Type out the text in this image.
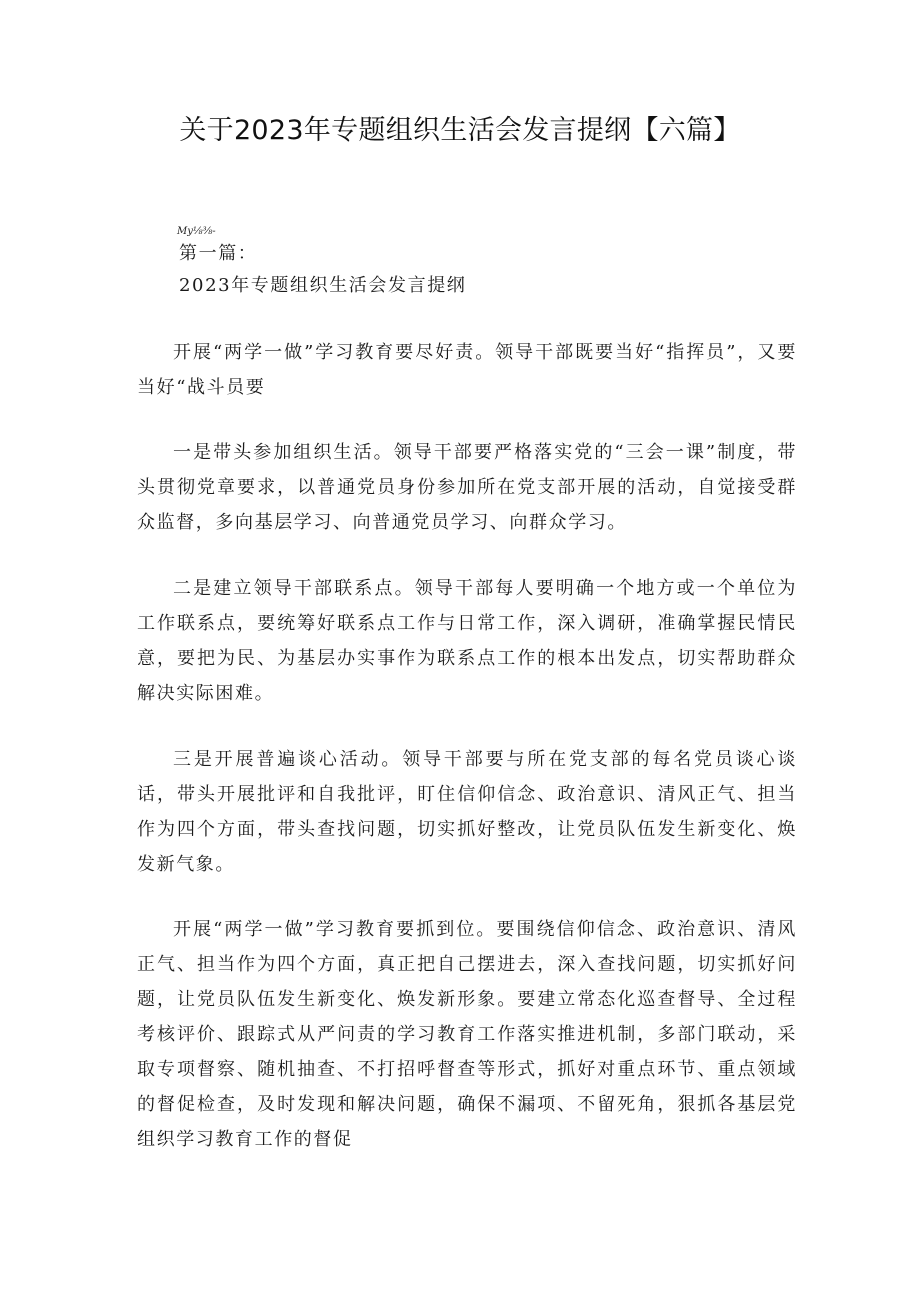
关于2023年专题组织生活会发言提纲【六篇】
My⅛⅜-
第一篇：
2023年专题组织生活会发言提纲

开展“两学一做”学习教育要尽好责。领导干部既要当好“指挥员”，又要当好“战斗员要

一是带头参加组织生活。领导干部要严格落实党的“三会一课”制度，带头贯彻党章要求，以普通党员身份参加所在党支部开展的活动，自觉接受群众监督，多向基层学习、向普通党员学习、向群众学习。

二是建立领导干部联系点。领导干部每人要明确一个地方或一个单位为工作联系点，要统筹好联系点工作与日常工作，深入调研，准确掌握民情民意，要把为民、为基层办实事作为联系点工作的根本出发点，切实帮助群众解决实际困难。

三是开展普遍谈心活动。领导干部要与所在党支部的每名党员谈心谈话，带头开展批评和自我批评，盯住信仰信念、政治意识、清风正气、担当作为四个方面，带头查找问题，切实抓好整改，让党员队伍发生新变化、焕发新气象。

开展“两学一做”学习教育要抓到位。要围绕信仰信念、政治意识、清风正气、担当作为四个方面，真正把自己摆进去，深入查找问题，切实抓好问题，让党员队伍发生新变化、焕发新形象。要建立常态化巡查督导、全过程考核评价、跟踪式从严问责的学习教育工作落实推进机制，多部门联动，采取专项督察、随机抽查、不打招呼督查等形式，抓好对重点环节、重点领域的督促检查，及时发现和解决问题，确保不漏项、不留死角，狠抓各基层党组织学习教育工作的督促
